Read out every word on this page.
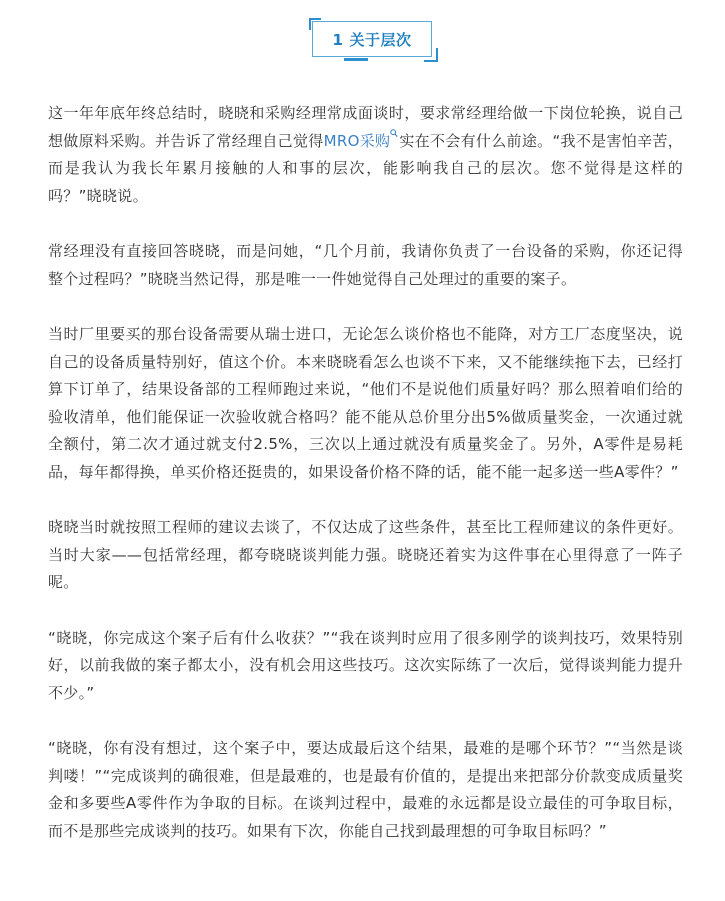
1 关于层次

这一年年底年终总结时，晓晓和采购经理常成面谈时，要求常经理给做一下岗位轮换，说自己想做原料采购。并告诉了常经理自己觉得MRO采购 实在不会有什么前途。“我不是害怕辛苦，而是我认为我长年累月接触的人和事的层次，能影响我自己的层次。您不觉得是这样的吗？”晓晓说。

常经理没有直接回答晓晓，而是问她，“几个月前，我请你负责了一台设备的采购，你还记得整个过程吗？”晓晓当然记得，那是唯一一件她觉得自己处理过的重要的案子。

当时厂里要买的那台设备需要从瑞士进口，无论怎么谈价格也不能降，对方工厂态度坚决，说自己的设备质量特别好，值这个价。本来晓晓看怎么也谈不下来，又不能继续拖下去，已经打算下订单了，结果设备部的工程师跑过来说，“他们不是说他们质量好吗？那么照着咱们给的验收清单，他们能保证一次验收就合格吗？能不能从总价里分出5%做质量奖金，一次通过就全额付，第二次才通过就支付2.5%，三次以上通过就没有质量奖金了。另外，A零件是易耗品，每年都得换，单买价格还挺贵的，如果设备价格不降的话，能不能一起多送一些A零件？”

晓晓当时就按照工程师的建议去谈了，不仅达成了这些条件，甚至比工程师建议的条件更好。当时大家——包括常经理，都夸晓晓谈判能力强。晓晓还着实为这件事在心里得意了一阵子呢。

“晓晓，你完成这个案子后有什么收获？”“我在谈判时应用了很多刚学的谈判技巧，效果特别好，以前我做的案子都太小，没有机会用这些技巧。这次实际练了一次后，觉得谈判能力提升不少。”

“晓晓，你有没有想过，这个案子中，要达成最后这个结果，最难的是哪个环节？”“当然是谈判喽！”“完成谈判的确很难，但是最难的，也是最有价值的，是提出来把部分价款变成质量奖金和多要些A零件作为争取的目标。在谈判过程中，最难的永远都是设立最佳的可争取目标，而不是那些完成谈判的技巧。如果有下次，你能自己找到最理想的可争取目标吗？”
